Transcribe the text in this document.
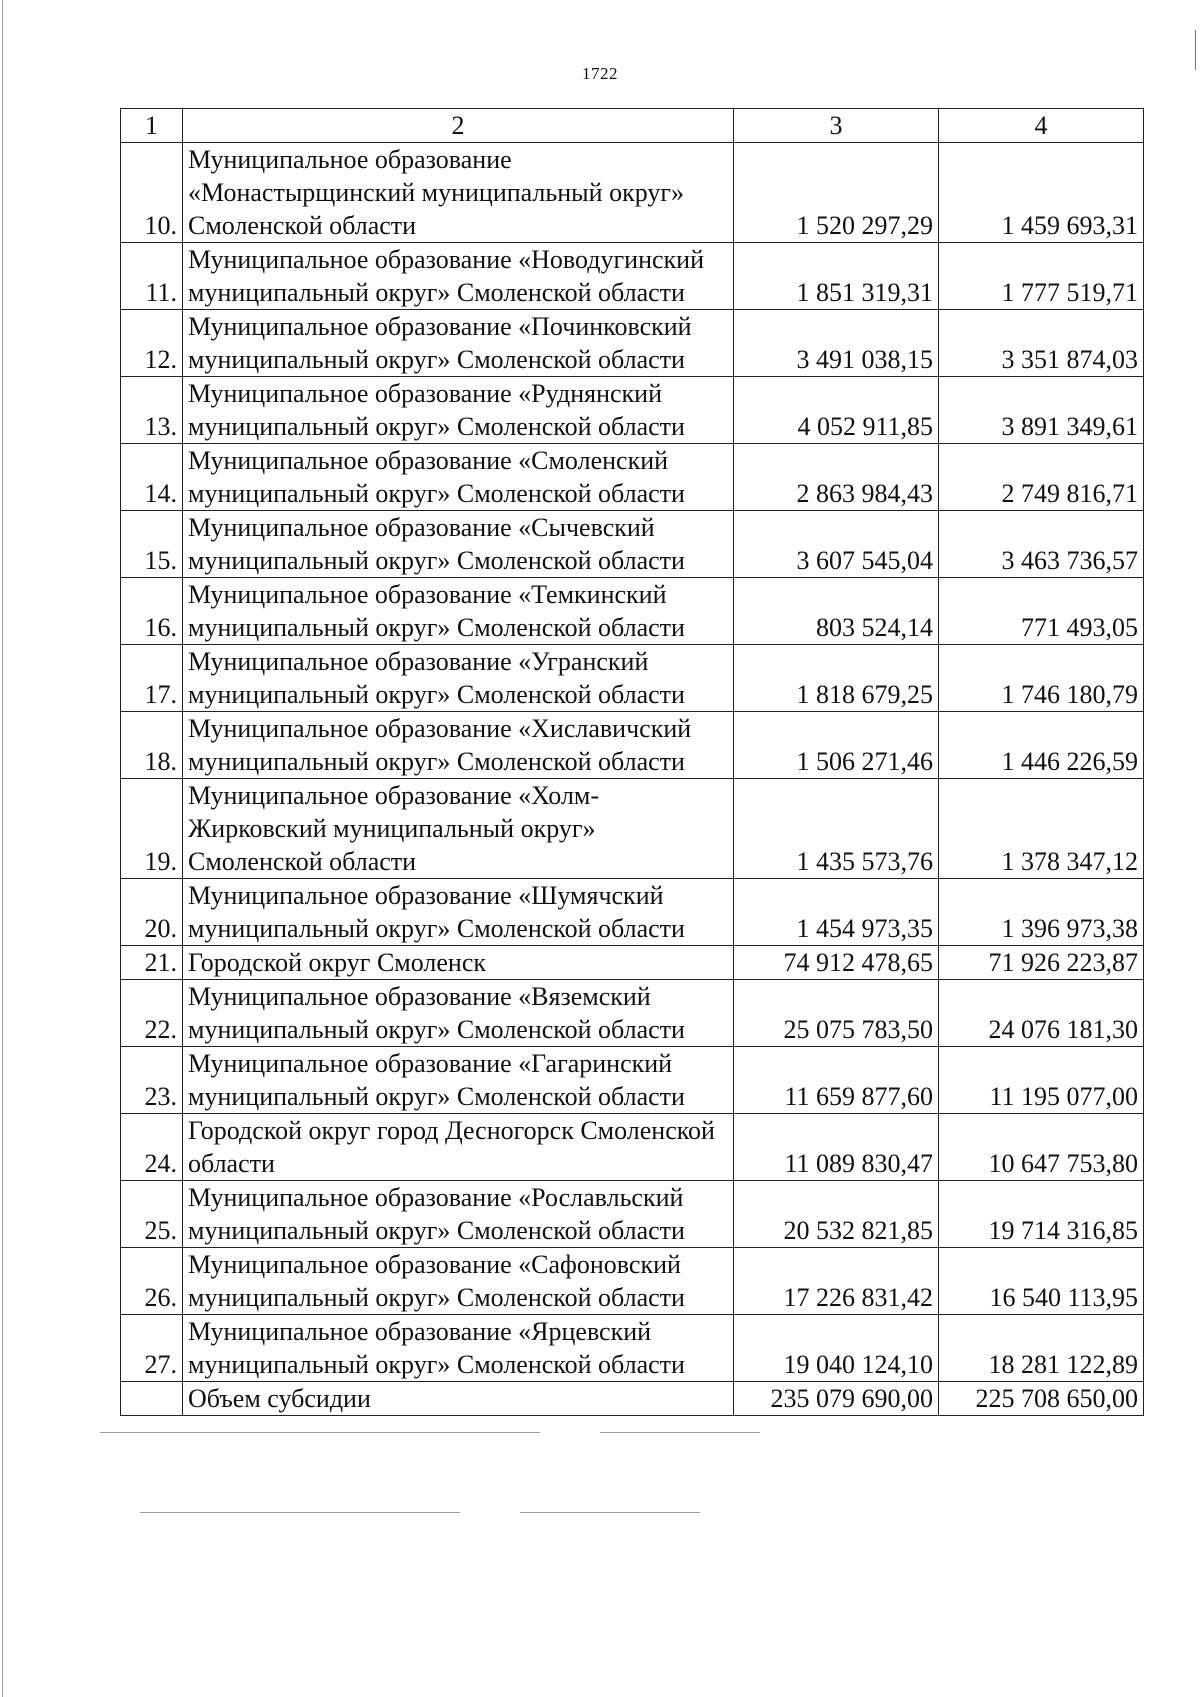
1722
1	2	3	4
10.	Муниципальное образование «Монастырщинский муниципальный округ» Смоленской области	1 520 297,29	1 459 693,31
11.	Муниципальное образование «Новодугинский муниципальный округ» Смоленской области	1 851 319,31	1 777 519,71
12.	Муниципальное образование «Починковский муниципальный округ» Смоленской области	3 491 038,15	3 351 874,03
13.	Муниципальное образование «Руднянский муниципальный округ» Смоленской области	4 052 911,85	3 891 349,61
14.	Муниципальное образование «Смоленский муниципальный округ» Смоленской области	2 863 984,43	2 749 816,71
15.	Муниципальное образование «Сычевский муниципальный округ» Смоленской области	3 607 545,04	3 463 736,57
16.	Муниципальное образование «Темкинский муниципальный округ» Смоленской области	803 524,14	771 493,05
17.	Муниципальное образование «Угранский муниципальный округ» Смоленской области	1 818 679,25	1 746 180,79
18.	Муниципальное образование «Хиславичский муниципальный округ» Смоленской области	1 506 271,46	1 446 226,59
19.	Муниципальное образование «Холм-Жирковский муниципальный округ» Смоленской области	1 435 573,76	1 378 347,12
20.	Муниципальное образование «Шумячский муниципальный округ» Смоленской области	1 454 973,35	1 396 973,38
21.	Городской округ Смоленск	74 912 478,65	71 926 223,87
22.	Муниципальное образование «Вяземский муниципальный округ» Смоленской области	25 075 783,50	24 076 181,30
23.	Муниципальное образование «Гагаринский муниципальный округ» Смоленской области	11 659 877,60	11 195 077,00
24.	Городской округ город Десногорск Смоленской области	11 089 830,47	10 647 753,80
25.	Муниципальное образование «Рославльский муниципальный округ» Смоленской области	20 532 821,85	19 714 316,85
26.	Муниципальное образование «Сафоновский муниципальный округ» Смоленской области	17 226 831,42	16 540 113,95
27.	Муниципальное образование «Ярцевский муниципальный округ» Смоленской области	19 040 124,10	18 281 122,89
	Объем субсидии	235 079 690,00	225 708 650,00
